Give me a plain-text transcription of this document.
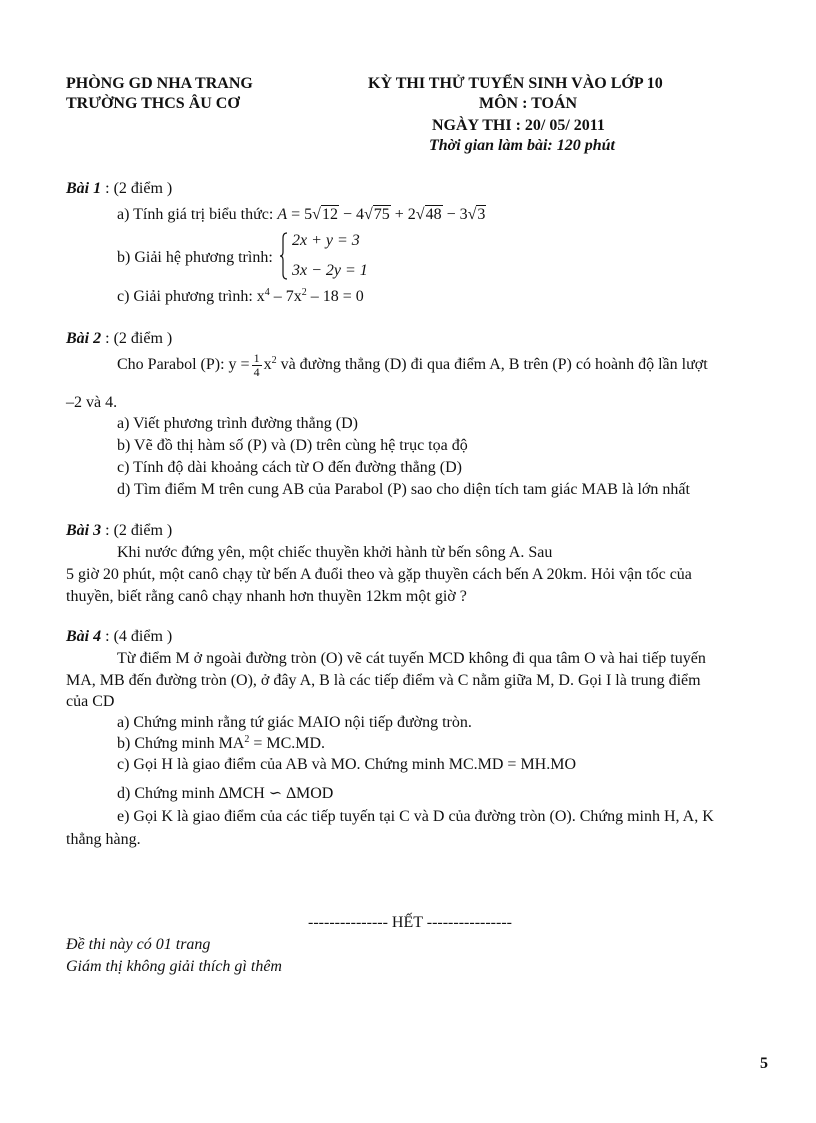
PHÒNG GD NHA TRANG
TRƯỜNG THCS ÂU CƠ
KỲ THI THỬ TUYỂN SINH VÀO LỚP 10
MÔN : TOÁN
NGÀY THI : 20/ 05/ 2011
Thời gian làm bài: 120 phút
Bài 1 : (2 điểm )
a) Tính giá trị biểu thức: A = 5√12 − 4√75 + 2√48 − 3√3
b) Giải hệ phương trình:
2x + y = 3
3x − 2y = 1
c) Giải phương trình: $x^4 - 7x^2 - 18 = 0$
Bài 2 : (2 điểm )
Cho Parabol (P): $y = \frac{1}{4} x^2$ và đường thẳng (D) đi qua điểm A, B trên (P) có hoành độ lần lượt
–2 và 4.
a) Viết phương trình đường thẳng (D)
b) Vẽ đồ thị hàm số (P) và (D) trên cùng hệ trục tọa độ
c) Tính độ dài khoảng cách từ O đến đường thẳng (D)
d) Tìm điểm M trên cung AB của Parabol (P) sao cho diện tích tam giác MAB là lớn nhất
Bài 3 : (2 điểm )
Khi nước đứng yên, một chiếc thuyền khởi hành từ bến sông A. Sau
5 giờ 20 phút, một canô chạy từ bến A đuổi theo và gặp thuyền cách bến A 20km. Hỏi vận tốc của
thuyền, biết rằng canô chạy nhanh hơn thuyền 12km một giờ ?
Bài 4 : (4 điểm )
Từ điểm M ở ngoài đường tròn (O) vẽ cát tuyến MCD không đi qua tâm O và hai tiếp tuyến
MA, MB đến đường tròn (O), ở đây A, B là các tiếp điểm và C nằm giữa M, D. Gọi I là trung điểm
của CD
a) Chứng minh rằng tứ giác MAIO nội tiếp đường tròn.
b) Chứng minh $MA^2 = MC.MD$.
c) Gọi H là giao điểm của AB và MO. Chứng minh MC.MD = MH.MO
d) Chứng minh ∆MCH ∽ ∆MOD
e) Gọi K là giao điểm của các tiếp tuyến tại C và D của đường tròn (O). Chứng minh H, A, K
thẳng hàng.
--------------- HẾT ----------------
Đề thi này có 01 trang
Giám thị không giải thích gì thêm
5
